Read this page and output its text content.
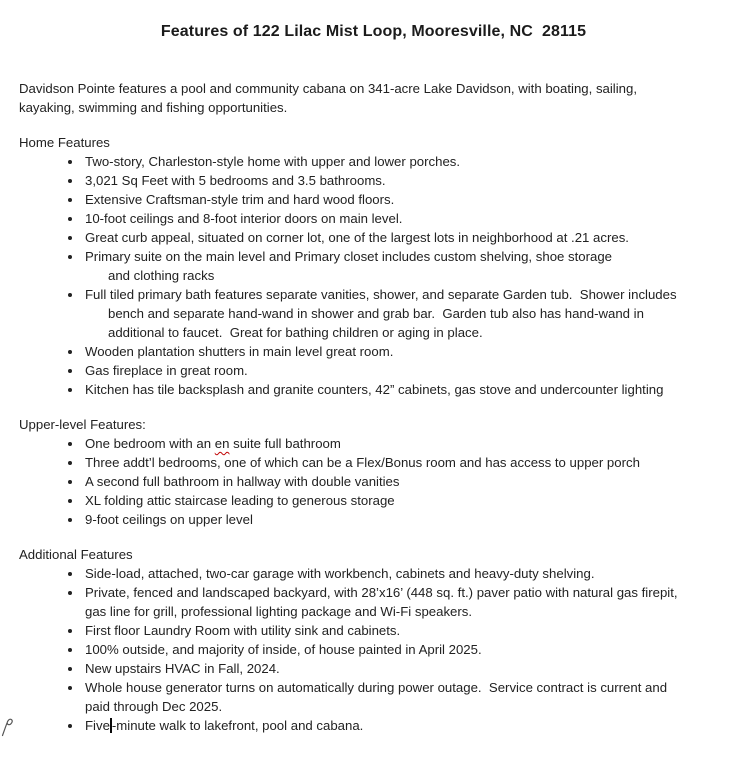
Features of 122 Lilac Mist Loop, Mooresville, NC  28115

Davidson Pointe features a pool and community cabana on 341-acre Lake Davidson, with boating, sailing,
kayaking, swimming and fishing opportunities.

Home Features

Two-story, Charleston-style home with upper and lower porches.
3,021 Sq Feet with 5 bedrooms and 3.5 bathrooms.
Extensive Craftsman-style trim and hard wood floors.
10-foot ceilings and 8-foot interior doors on main level.
Great curb appeal, situated on corner lot, one of the largest lots in neighborhood at .21 acres.
Primary suite on the main level and Primary closet includes custom shelving, shoe storage
and clothing racks
Full tiled primary bath features separate vanities, shower, and separate Garden tub.  Shower includes
bench and separate hand-wand in shower and grab bar.  Garden tub also has hand-wand in
additional to faucet.  Great for bathing children or aging in place.
Wooden plantation shutters in main level great room.
Gas fireplace in great room.
Kitchen has tile backsplash and granite counters, 42” cabinets, gas stove and undercounter lighting

Upper-level Features:

One bedroom with an en suite full bathroom
Three addt’l bedrooms, one of which can be a Flex/Bonus room and has access to upper porch
A second full bathroom in hallway with double vanities
XL folding attic staircase leading to generous storage
9-foot ceilings on upper level

Additional Features

Side-load, attached, two-car garage with workbench, cabinets and heavy-duty shelving.
Private, fenced and landscaped backyard, with 28’x16’ (448 sq. ft.) paver patio with natural gas firepit,
gas line for grill, professional lighting package and Wi-Fi speakers.
First floor Laundry Room with utility sink and cabinets.
100% outside, and majority of inside, of house painted in April 2025.
New upstairs HVAC in Fall, 2024.
Whole house generator turns on automatically during power outage.  Service contract is current and
paid through Dec 2025.
Five -minute walk to lakefront, pool and cabana.
